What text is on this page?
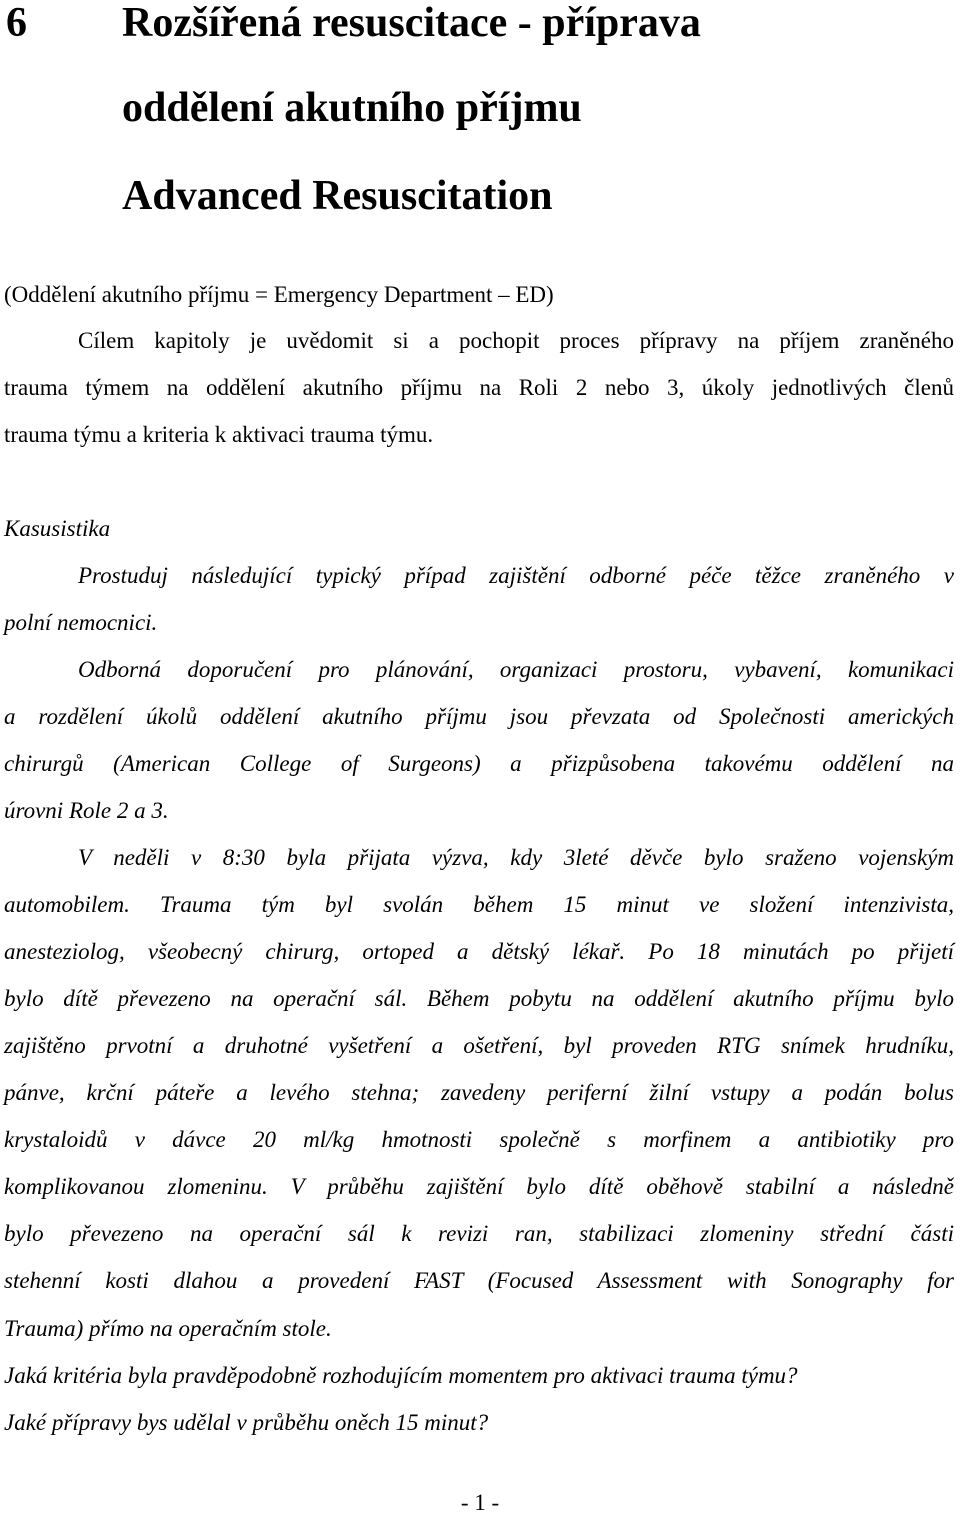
6 Rozšířená resuscitace - příprava
oddělení akutního příjmu
Advanced Resuscitation
(Oddělení akutního příjmu = Emergency Department – ED)
Cílem kapitoly je uvědomit si a pochopit proces přípravy na příjem zraněného
trauma týmem na oddělení akutního příjmu na Roli 2 nebo 3, úkoly jednotlivých členů
trauma týmu a kriteria k aktivaci trauma týmu.
Kasusistika
Prostuduj následující typický případ zajištění odborné péče těžce zraněného v
polní nemocnici.
Odborná doporučení pro plánování, organizaci prostoru, vybavení, komunikaci
a rozdělení úkolů oddělení akutního příjmu jsou převzata od Společnosti amerických
chirurgů (American College of Surgeons) a přizpůsobena takovému oddělení na
úrovni Role 2 a 3.
V neděli v 8:30 byla přijata výzva, kdy 3leté děvče bylo sraženo vojenským
automobilem. Trauma tým byl svolán během 15 minut ve složení intenzivista,
anesteziolog, všeobecný chirurg, ortoped a dětský lékař. Po 18 minutách po přijetí
bylo dítě převezeno na operační sál. Během pobytu na oddělení akutního příjmu bylo
zajištěno prvotní a druhotné vyšetření a ošetření, byl proveden RTG snímek hrudníku,
pánve, krční páteře a levého stehna; zavedeny periferní žilní vstupy a podán bolus
krystaloidů v dávce 20 ml/kg hmotnosti společně s morfinem a antibiotiky pro
komplikovanou zlomeninu. V průběhu zajištění bylo dítě oběhově stabilní a následně
bylo převezeno na operační sál k revizi ran, stabilizaci zlomeniny střední části
stehenní kosti dlahou a provedení FAST (Focused Assessment with Sonography for
Trauma) přímo na operačním stole.
Jaká kritéria byla pravděpodobně rozhodujícím momentem pro aktivaci trauma týmu?
Jaké přípravy bys udělal v průběhu oněch 15 minut?
- 1 -
